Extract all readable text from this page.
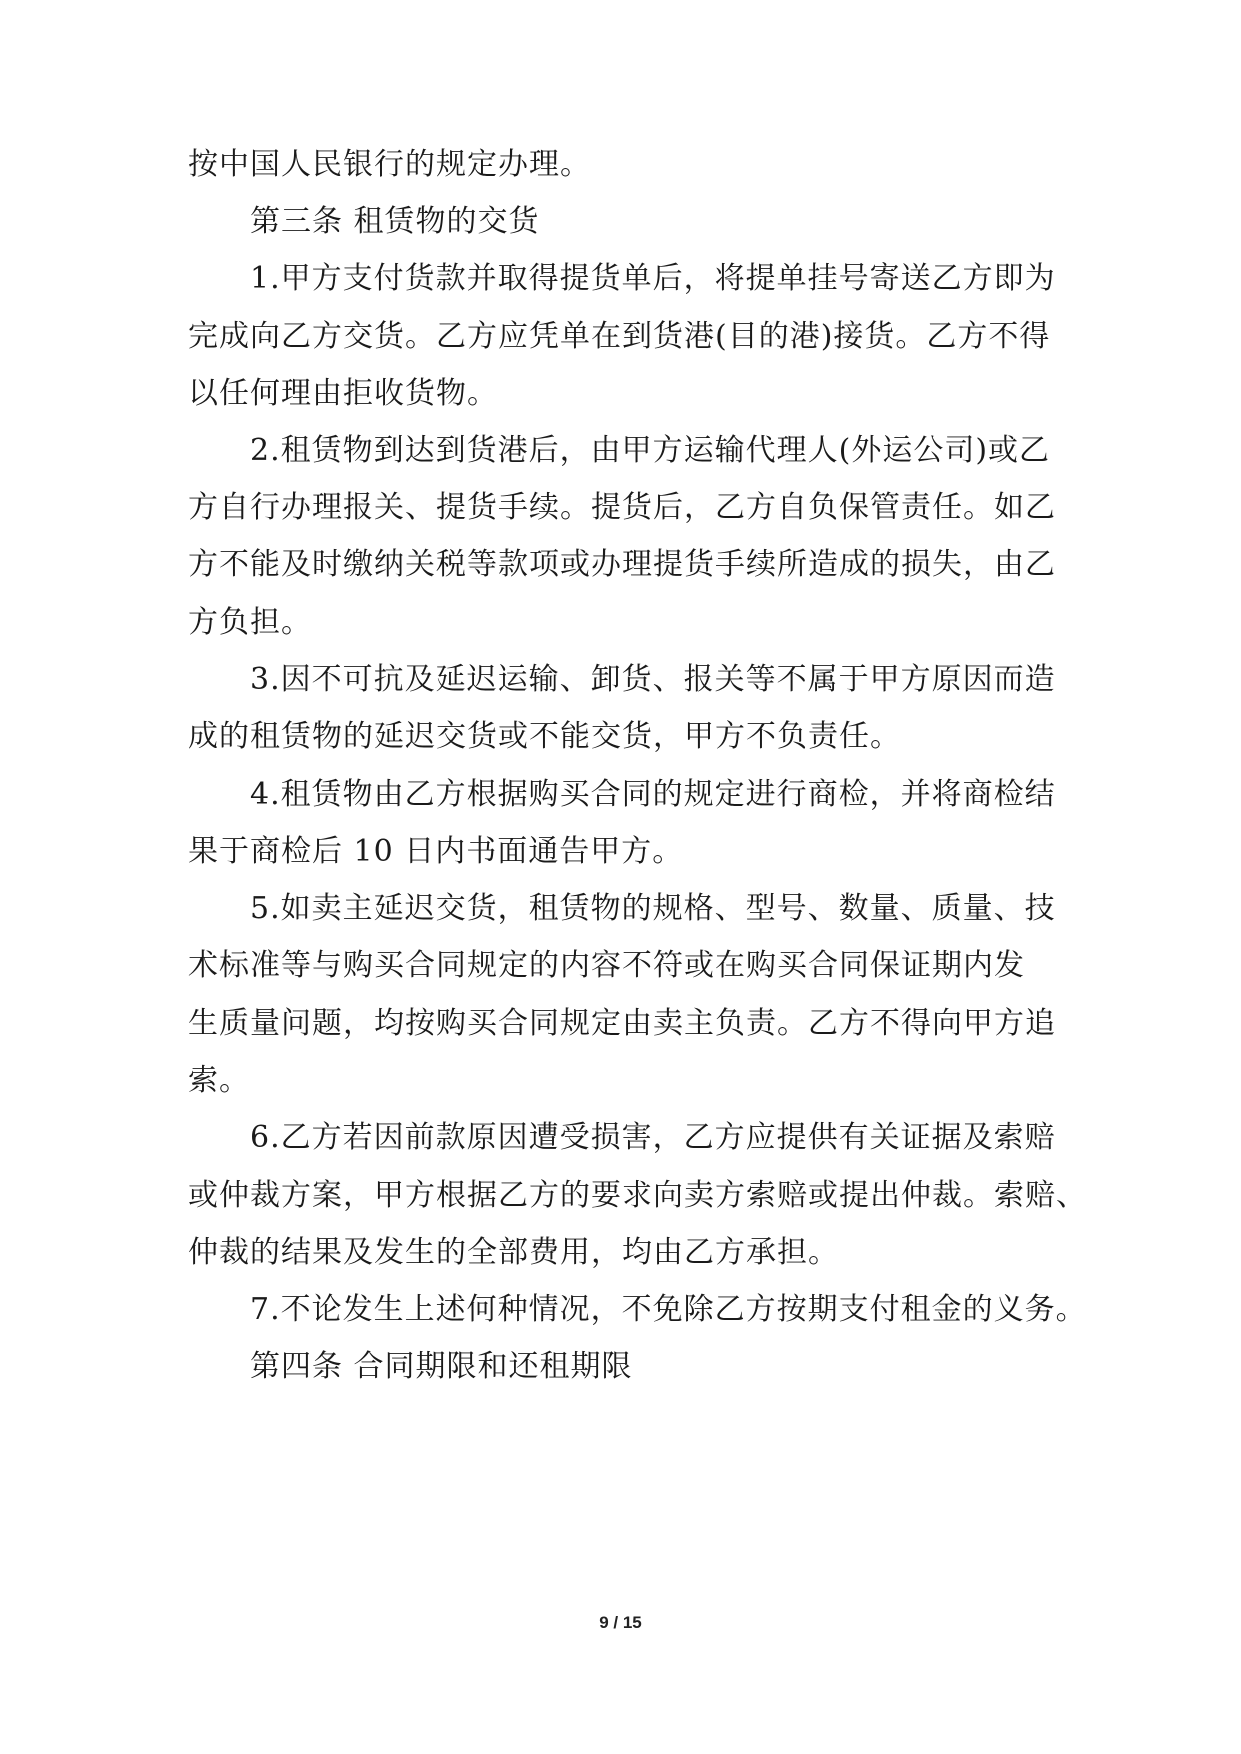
按中国人民银行的规定办理。
第三条 租赁物的交货
1.甲方支付货款并取得提货单后，将提单挂号寄送乙方即为
完成向乙方交货。乙方应凭单在到货港(目的港)接货。乙方不得
以任何理由拒收货物。
2.租赁物到达到货港后，由甲方运输代理人(外运公司)或乙
方自行办理报关、提货手续。提货后，乙方自负保管责任。如乙
方不能及时缴纳关税等款项或办理提货手续所造成的损失，由乙
方负担。
3.因不可抗及延迟运输、卸货、报关等不属于甲方原因而造
成的租赁物的延迟交货或不能交货，甲方不负责任。
4.租赁物由乙方根据购买合同的规定进行商检，并将商检结
果于商检后 10 日内书面通告甲方。
5.如卖主延迟交货，租赁物的规格、型号、数量、质量、技
术标准等与购买合同规定的内容不符或在购买合同保证期内发
生质量问题，均按购买合同规定由卖主负责。乙方不得向甲方追
索。
6.乙方若因前款原因遭受损害，乙方应提供有关证据及索赔
或仲裁方案，甲方根据乙方的要求向卖方索赔或提出仲裁。索赔、
仲裁的结果及发生的全部费用，均由乙方承担。
7.不论发生上述何种情况，不免除乙方按期支付租金的义务。
第四条 合同期限和还租期限
9 / 15
